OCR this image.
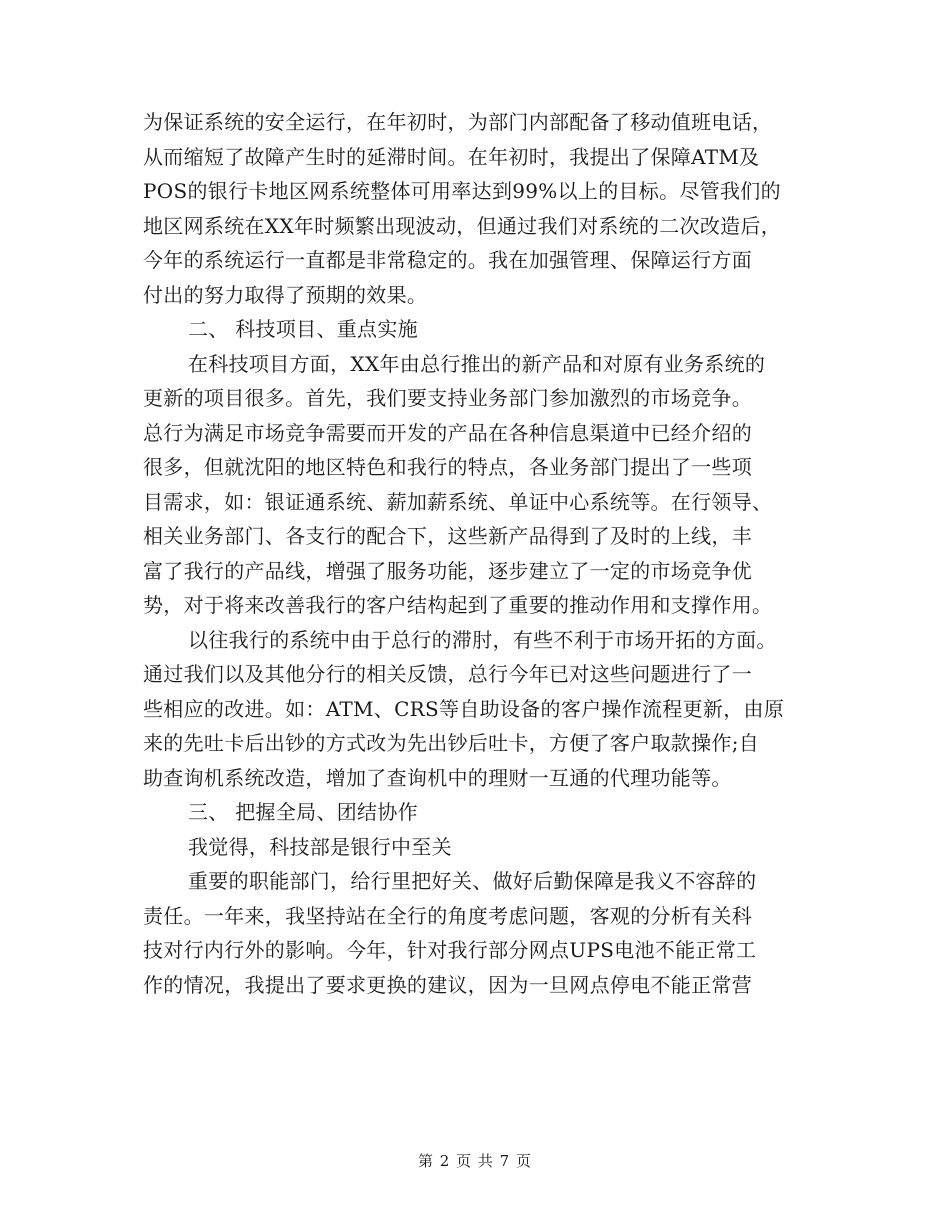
为保证系统的安全运行，在年初时，为部门内部配备了移动值班电话，
从而缩短了故障产生时的延滞时间。在年初时，我提出了保障ATM及
POS的银行卡地区网系统整体可用率达到99%以上的目标。尽管我们的
地区网系统在XX年时频繁出现波动，但通过我们对系统的二次改造后，
今年的系统运行一直都是非常稳定的。我在加强管理、保障运行方面
付出的努力取得了预期的效果。
二、 科技项目、重点实施
在科技项目方面，XX年由总行推出的新产品和对原有业务系统的
更新的项目很多。首先，我们要支持业务部门参加激烈的市场竞争。
总行为满足市场竞争需要而开发的产品在各种信息渠道中已经介绍的
很多，但就沈阳的地区特色和我行的特点，各业务部门提出了一些项
目需求，如：银证通系统、薪加薪系统、单证中心系统等。在行领导、
相关业务部门、各支行的配合下，这些新产品得到了及时的上线，丰
富了我行的产品线，增强了服务功能，逐步建立了一定的市场竞争优
势，对于将来改善我行的客户结构起到了重要的推动作用和支撑作用。
以往我行的系统中由于总行的滞肘，有些不利于市场开拓的方面。
通过我们以及其他分行的相关反馈，总行今年已对这些问题进行了一
些相应的改进。如：ATM、CRS等自助设备的客户操作流程更新，由原
来的先吐卡后出钞的方式改为先出钞后吐卡，方便了客户取款操作;自
助查询机系统改造，增加了查询机中的理财一互通的代理功能等。
三、 把握全局、团结协作
我觉得，科技部是银行中至关
重要的职能部门，给行里把好关、做好后勤保障是我义不容辞的
责任。一年来，我坚持站在全行的角度考虑问题，客观的分析有关科
技对行内行外的影响。今年，针对我行部分网点UPS电池不能正常工
作的情况，我提出了要求更换的建议，因为一旦网点停电不能正常营
第 2 页 共 7 页
